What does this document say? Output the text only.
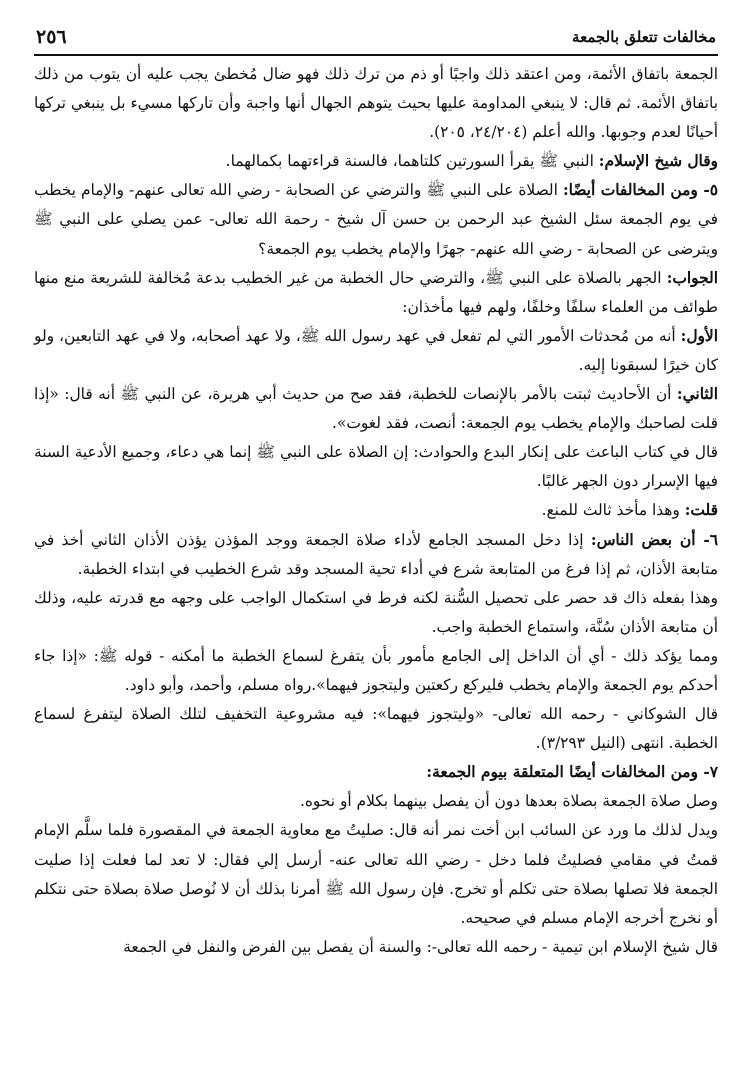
مخالفات تتعلق بالجمعة
٢٥٦

الجمعة باتفاق الأئمة، ومن اعتقد ذلك واجبًا أو ذم من ترك ذلك فهو ضال مُخطئ يجب عليه أن يتوب من ذلك باتفاق الأئمة. ثم قال: لا ينبغي المداومة عليها بحيث يتوهم الجهال أنها واجبة وأن تاركها مسيء بل ينبغي تركها أحيانًا لعدم وجوبها. والله أعلم (٢٤/٢٠٤، ٢٠٥).

وقال شيخ الإسلام: النبي ﷺ يقرأ السورتين كلتاهما، فالسنة قراءتهما بكمالهما.

٥- ومن المخالفات أيضًا: الصلاة على النبي ﷺ والترضي عن الصحابة - رضي الله تعالى عنهم- والإمام يخطب في يوم الجمعة سئل الشيخ عبد الرحمن بن حسن آل شيخ - رحمة الله تعالى- عمن يصلي على النبي ﷺ ويترضى عن الصحابة - رضي الله عنهم- جهرًا والإمام يخطب يوم الجمعة؟

الجواب: الجهر بالصلاة على النبي ﷺ، والترضي حال الخطبة من غير الخطيب بدعة مُخالفة للشريعة منع منها طوائف من العلماء سلفًا وخلفًا، ولهم فيها مأخذان:

الأول: أنه من مُحدثات الأمور التي لم تفعل في عهد رسول الله ﷺ، ولا عهد أصحابه، ولا في عهد التابعين، ولو كان خيرًا لسبقونا إليه.

الثاني: أن الأحاديث ثبتت بالأمر بالإنصات للخطبة، فقد صح من حديث أبي هريرة، عن النبي ﷺ أنه قال: «إذا قلت لصاحبك والإمام يخطب يوم الجمعة: أنصت، فقد لغوت».

قال في كتاب الباعث على إنكار البدع والحوادث: إن الصلاة على النبي ﷺ إنما هي دعاء، وجميع الأدعية السنة فيها الإسرار دون الجهر غالبًا.

قلت: وهذا مأخذ ثالث للمنع.

٦- أن بعض الناس: إذا دخل المسجد الجامع لأداء صلاة الجمعة ووجد المؤذن يؤذن الأذان الثاني أخذ في متابعة الأذان، ثم إذا فرغ من المتابعة شرع في أداء تحية المسجد وقد شرع الخطيب في ابتداء الخطبة.

وهذا بفعله ذاك قد حصر على تحصيل السُّنة لكنه فرط في استكمال الواجب على وجهه مع قدرته عليه، وذلك أن متابعة الأذان سُنَّة، واستماع الخطبة واجب.

ومما يؤكد ذلك - أي أن الداخل إلى الجامع مأمور بأن يتفرغ لسماع الخطبة ما أمكنه - قوله ﷺ: «إذا جاء أحدكم يوم الجمعة والإمام يخطب فليركع ركعتين وليتجوز فيهما».رواه مسلم، وأحمد، وأبو داود.

قال الشوكاني - رحمه الله تعالى- «وليتجوز فيهما»: فيه مشروعية التخفيف لتلك الصلاة ليتفرغ لسماع الخطبة. انتهى (النيل ٣/٢٩٣).

٧- ومن المخالفات أيضًا المتعلقة بيوم الجمعة:

وصل صلاة الجمعة بصلاة بعدها دون أن يفصل بينهما بكلام أو نحوه.

ويدل لذلك ما ورد عن السائب ابن أخت نمر أنه قال: صليتُ مع معاوية الجمعة في المقصورة فلما سلَّم الإمام قمتُ في مقامي فصليتُ فلما دخل - رضي الله تعالى عنه- أرسل إلي فقال: لا تعد لما فعلت إذا صليت الجمعة فلا تصلها بصلاة حتى تكلم أو تخرج. فإن رسول الله ﷺ أمرنا بذلك أن لا نُوصل صلاة بصلاة حتى نتكلم أو نخرج أخرجه الإمام مسلم في صحيحه.

قال شيخ الإسلام ابن تيمية - رحمه الله تعالى-: والسنة أن يفصل بين الفرض والنفل في الجمعة
